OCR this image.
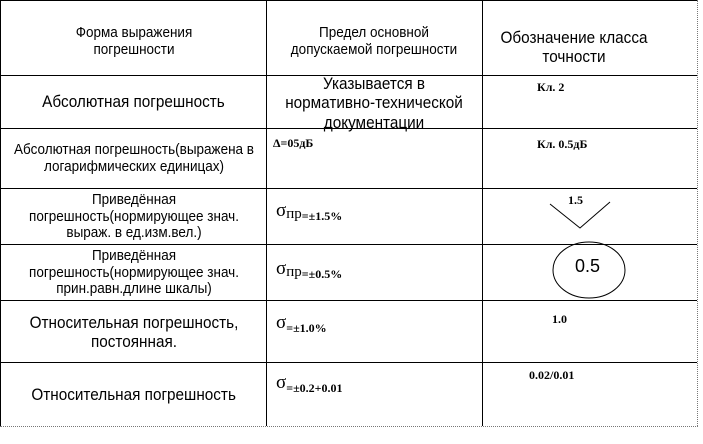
Форма выражения погрешности
Предел основной допускаемой погрешности
Обозначение класса точности
Абсолютная погрешность
Указывается в нормативно-технической документации
Кл. 2
Абсолютная погрешность(выражена в логарифмических единицах)
Δ=05дБ	Кл. 0.5дБ
Приведённая погрешность(нормирующее знач. выраж. в ед.изм.вел.)
σпр$_{=\pm 1.5\%}$
1.5
Приведённая погрешность(нормирующее знач. прин.равн.длине шкалы)
σпр$_{=\pm 0.5\%}$	0.5
Относительная погрешность, постоянная.
$\sigma_{=\pm 1.0\%}$
1.0
Относительная погрешность
$\sigma_{=\pm 0.2+0.01}$
0.02/0.01
